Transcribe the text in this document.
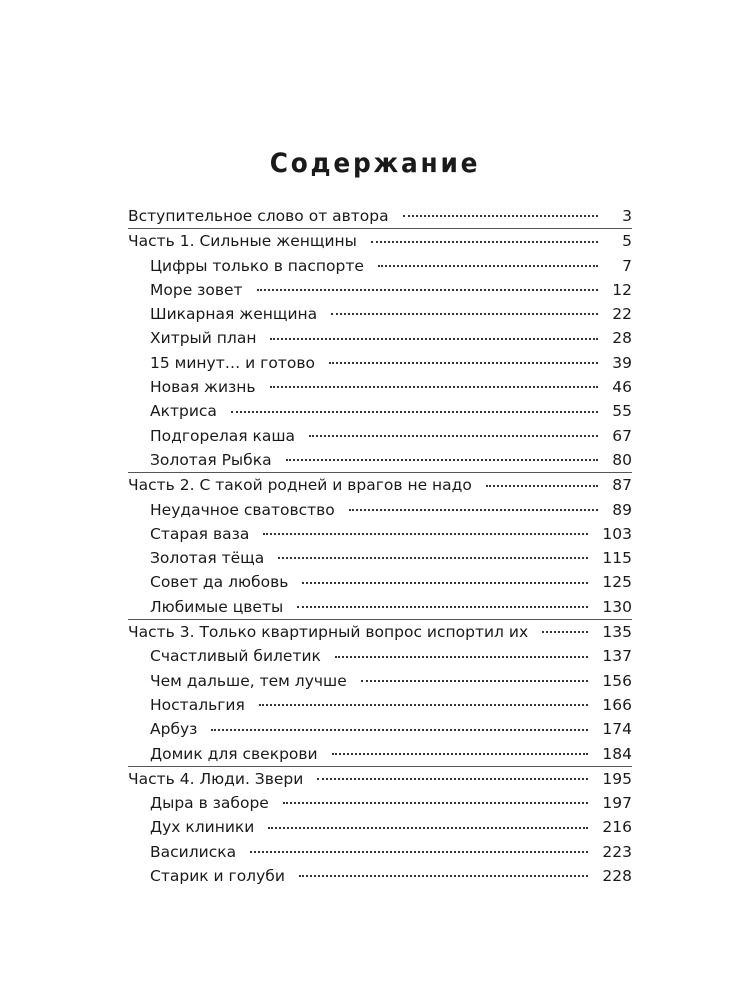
Содержание
Вступительное слово от автора	3
Часть 1. Сильные женщины	5
Цифры только в паспорте	7
Море зовет	12
Шикарная женщина	22
Хитрый план	28
15 минут… и готово	39
Новая жизнь	46
Актриса	55
Подгорелая каша	67
Золотая Рыбка	80
Часть 2. С такой родней и врагов не надо	87
Неудачное сватовство	89
Старая ваза	103
Золотая тёща	115
Совет да любовь	125
Любимые цветы	130
Часть 3. Только квартирный вопрос испортил их	135
Счастливый билетик	137
Чем дальше, тем лучше	156
Ностальгия	166
Арбуз	174
Домик для свекрови	184
Часть 4. Люди. Звери	195
Дыра в заборе	197
Дух клиники	216
Василиска	223
Старик и голуби	228
